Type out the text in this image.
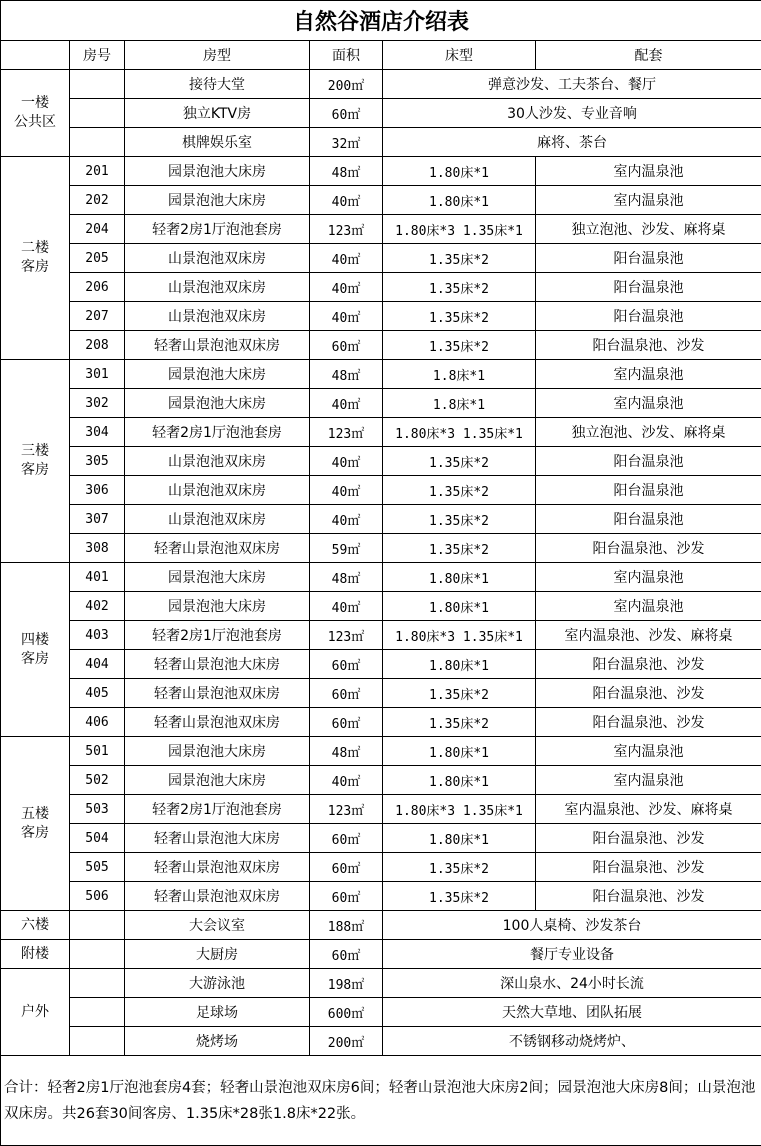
自然谷酒店介绍表					
	房号	房型	面积	床型	配套
一楼
公共区		接待大堂	200㎡	弹意沙发、工夫茶台、餐厅	
		独立KTV房	60㎡	30人沙发、专业音响	
		棋牌娱乐室	32㎡	麻将、茶台	
二楼
客房	201	园景泡池大床房	48㎡	1.80床*1	室内温泉池
	202	园景泡池大床房	40㎡	1.80床*1	室内温泉池
	204	轻奢2房1厅泡池套房	123㎡	1.80床*3 1.35床*1	独立泡池、沙发、麻将桌
	205	山景泡池双床房	40㎡	1.35床*2	阳台温泉池
	206	山景泡池双床房	40㎡	1.35床*2	阳台温泉池
	207	山景泡池双床房	40㎡	1.35床*2	阳台温泉池
	208	轻奢山景泡池双床房	60㎡	1.35床*2	阳台温泉池、沙发
三楼
客房	301	园景泡池大床房	48㎡	1.8床*1	室内温泉池
	302	园景泡池大床房	40㎡	1.8床*1	室内温泉池
	304	轻奢2房1厅泡池套房	123㎡	1.80床*3 1.35床*1	独立泡池、沙发、麻将桌
	305	山景泡池双床房	40㎡	1.35床*2	阳台温泉池
	306	山景泡池双床房	40㎡	1.35床*2	阳台温泉池
	307	山景泡池双床房	40㎡	1.35床*2	阳台温泉池
	308	轻奢山景泡池双床房	59㎡	1.35床*2	阳台温泉池、沙发
四楼
客房	401	园景泡池大床房	48㎡	1.80床*1	室内温泉池
	402	园景泡池大床房	40㎡	1.80床*1	室内温泉池
	403	轻奢2房1厅泡池套房	123㎡	1.80床*3 1.35床*1	室内温泉池、沙发、麻将桌
	404	轻奢山景泡池大床房	60㎡	1.80床*1	阳台温泉池、沙发
	405	轻奢山景泡池双床房	60㎡	1.35床*2	阳台温泉池、沙发
	406	轻奢山景泡池双床房	60㎡	1.35床*2	阳台温泉池、沙发
五楼
客房	501	园景泡池大床房	48㎡	1.80床*1	室内温泉池
	502	园景泡池大床房	40㎡	1.80床*1	室内温泉池
	503	轻奢2房1厅泡池套房	123㎡	1.80床*3 1.35床*1	室内温泉池、沙发、麻将桌
	504	轻奢山景泡池大床房	60㎡	1.80床*1	阳台温泉池、沙发
	505	轻奢山景泡池双床房	60㎡	1.35床*2	阳台温泉池、沙发
	506	轻奢山景泡池双床房	60㎡	1.35床*2	阳台温泉池、沙发
六楼		大会议室	188㎡	100人桌椅、沙发茶台	
附楼		大厨房	60㎡	餐厅专业设备	
户外		大游泳池	198㎡	深山泉水、24小时长流	
		足球场	600㎡	天然大草地、团队拓展	
		烧烤场	200㎡	不锈钢移动烧烤炉、	
合计：轻奢2房1厅泡池套房4套；轻奢山景泡池双床房6间；轻奢山景泡池大床房2间；园景泡池大床房8间；山景泡池双床房。共26套30间客房、1.35床*28张1.8床*22张。					
